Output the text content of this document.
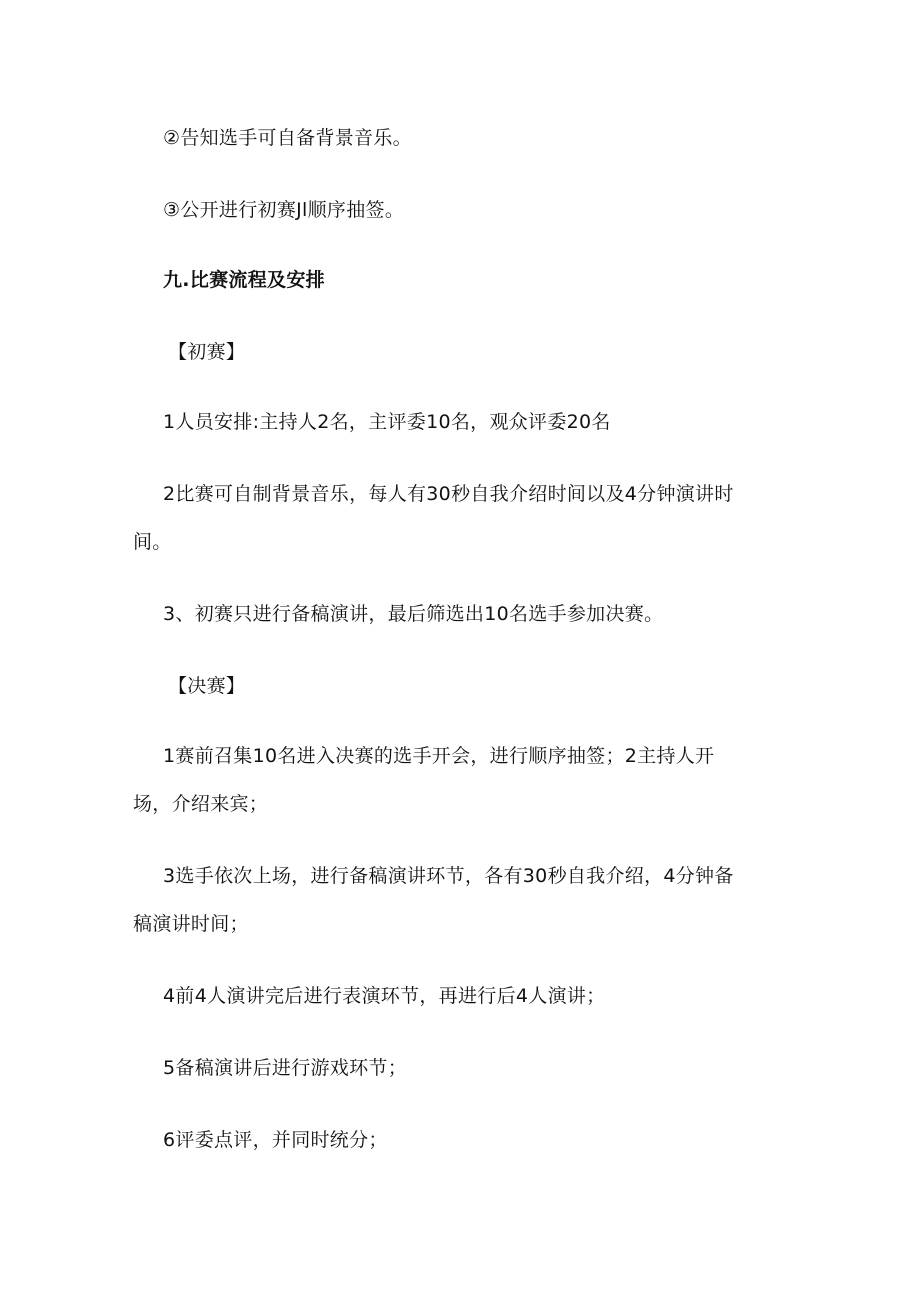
②告知选手可自备背景音乐。
③公开进行初赛Jl顺序抽签。
九.比赛流程及安排
【初赛】
1人员安排:主持人2名，主评委10名，观众评委20名
2比赛可自制背景音乐，每人有30秒自我介绍时间以及4分钟演讲时
间。
3、初赛只进行备稿演讲，最后筛选出10名选手参加决赛。
【决赛】
1赛前召集10名进入决赛的选手开会，进行顺序抽签；2主持人开
场，介绍来宾；
3选手依次上场，进行备稿演讲环节，各有30秒自我介绍，4分钟备
稿演讲时间；
4前4人演讲完后进行表演环节，再进行后4人演讲；
5备稿演讲后进行游戏环节；
6评委点评，并同时统分；
